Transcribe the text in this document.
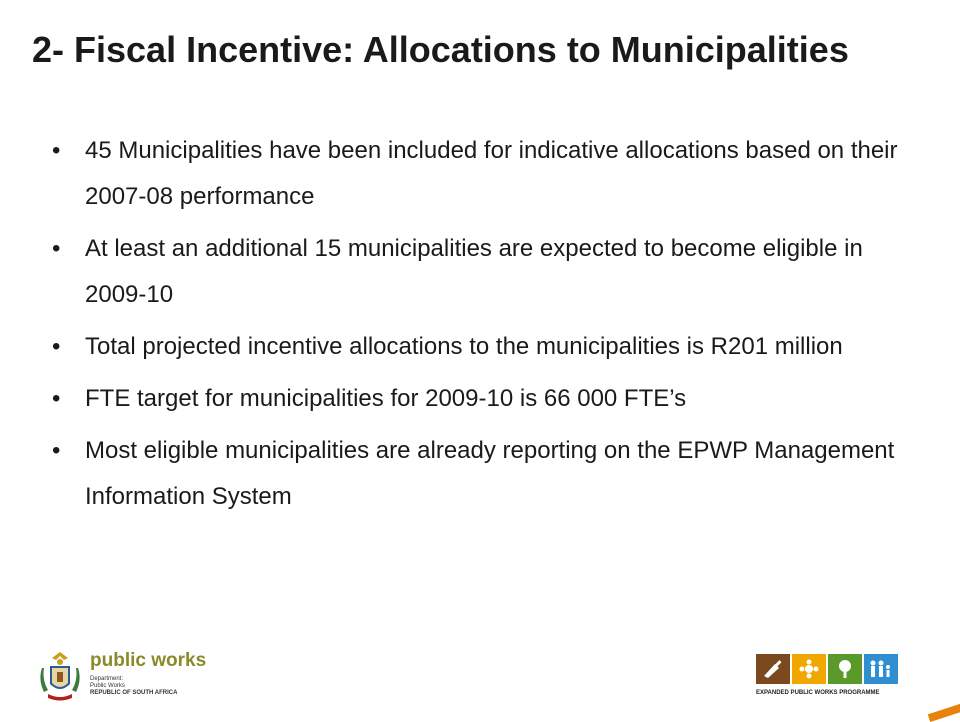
2- Fiscal Incentive: Allocations to Municipalities
• 45 Municipalities have been included for indicative allocations based on their 2007-08 performance
• At least an additional 15 municipalities are expected to become eligible in 2009-10
• Total projected incentive allocations to the municipalities is R201 million
• FTE target for municipalities for 2009-10 is 66 000 FTE’s
• Most eligible municipalities are already reporting on the EPWP Management Information System
public works
Department:
Public Works
REPUBLIC OF SOUTH AFRICA	EXPANDED PUBLIC WORKS PROGRAMME
